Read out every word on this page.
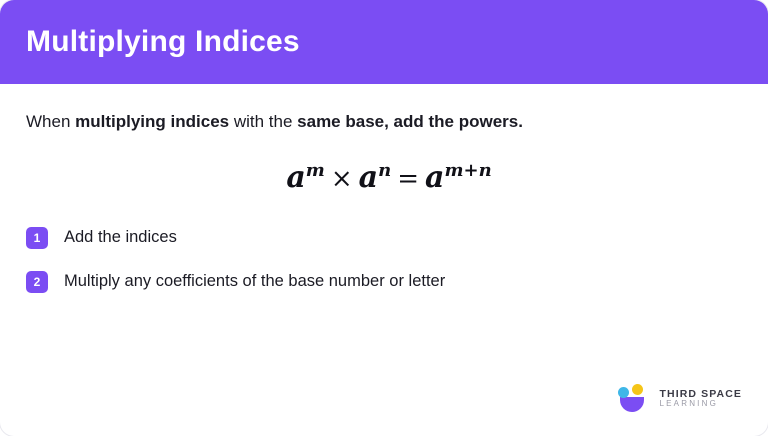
Multiplying Indices
When multiplying indices with the same base, add the powers.
$a^m \times a^n = a^{m+n}$
1	Add the indices
2	Multiply any coefficients of the base number or letter
THIRD SPACE
LEARNING
